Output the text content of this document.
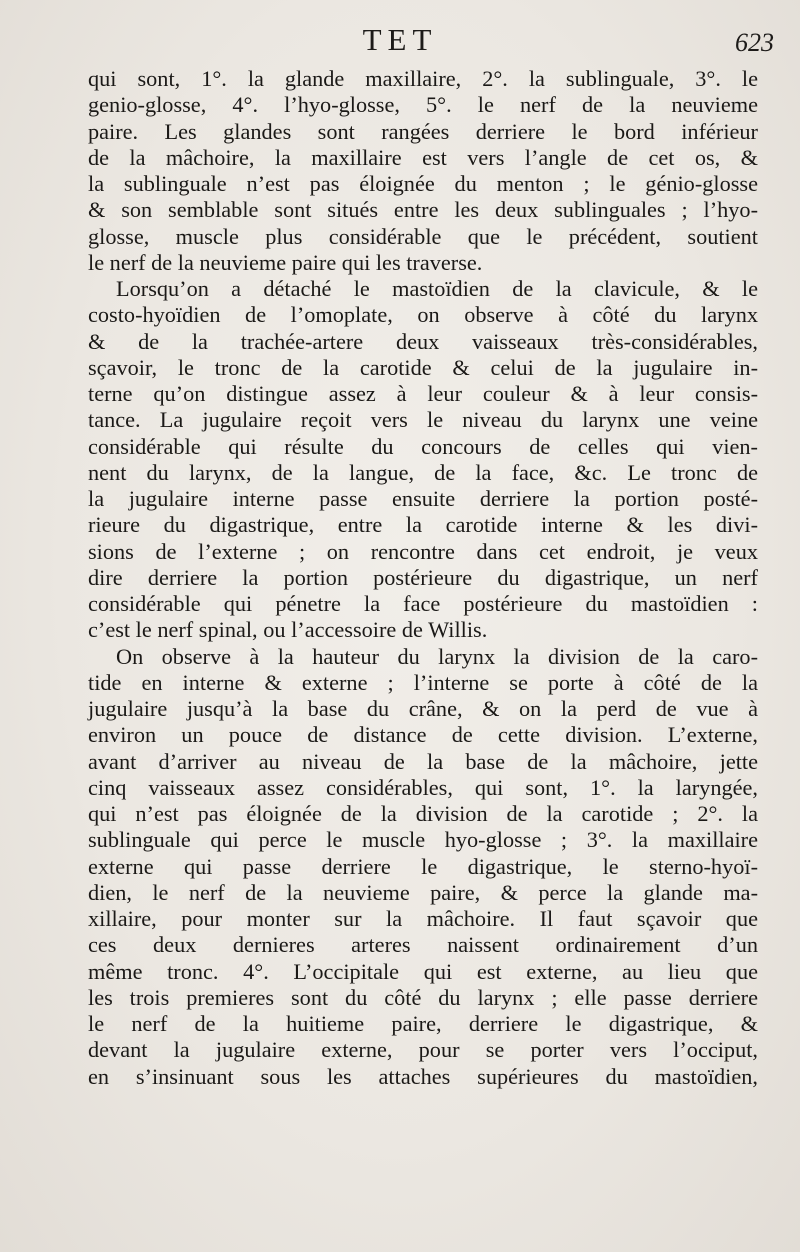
TET	623
qui sont, 1°. la glande maxillaire, 2°. la sublinguale, 3°. le
genio-glosse, 4°. l’hyo-glosse, 5°. le nerf de la neuvieme
paire. Les glandes sont rangées derriere le bord inférieur
de la mâchoire, la maxillaire est vers l’angle de cet os, &
la sublinguale n’est pas éloignée du menton ; le génio-glosse
& son semblable sont situés entre les deux sublinguales ; l’hyo-
glosse, muscle plus considérable que le précédent, soutient
le nerf de la neuvieme paire qui les traverse.
Lorsqu’on a détaché le mastoïdien de la clavicule, & le
costo-hyoïdien de l’omoplate, on observe à côté du larynx
& de la trachée-artere deux vaisseaux très-considérables,
sçavoir, le tronc de la carotide & celui de la jugulaire in-
terne qu’on distingue assez à leur couleur & à leur consis-
tance. La jugulaire reçoit vers le niveau du larynx une veine
considérable qui résulte du concours de celles qui vien-
nent du larynx, de la langue, de la face, &c. Le tronc de
la jugulaire interne passe ensuite derriere la portion posté-
rieure du digastrique, entre la carotide interne & les divi-
sions de l’externe ; on rencontre dans cet endroit, je veux
dire derriere la portion postérieure du digastrique, un nerf
considérable qui pénetre la face postérieure du mastoïdien :
c’est le nerf spinal, ou l’accessoire de Willis.
On observe à la hauteur du larynx la division de la caro-
tide en interne & externe ; l’interne se porte à côté de la
jugulaire jusqu’à la base du crâne, & on la perd de vue à
environ un pouce de distance de cette division. L’externe,
avant d’arriver au niveau de la base de la mâchoire, jette
cinq vaisseaux assez considérables, qui sont, 1°. la laryngée,
qui n’est pas éloignée de la division de la carotide ; 2°. la
sublinguale qui perce le muscle hyo-glosse ; 3°. la maxillaire
externe qui passe derriere le digastrique, le sterno-hyoï-
dien, le nerf de la neuvieme paire, & perce la glande ma-
xillaire, pour monter sur la mâchoire. Il faut sçavoir que
ces deux dernieres arteres naissent ordinairement d’un
même tronc. 4°. L’occipitale qui est externe, au lieu que
les trois premieres sont du côté du larynx ; elle passe derriere
le nerf de la huitieme paire, derriere le digastrique, &
devant la jugulaire externe, pour se porter vers l’occiput,
en s’insinuant sous les attaches supérieures du mastoïdien,
